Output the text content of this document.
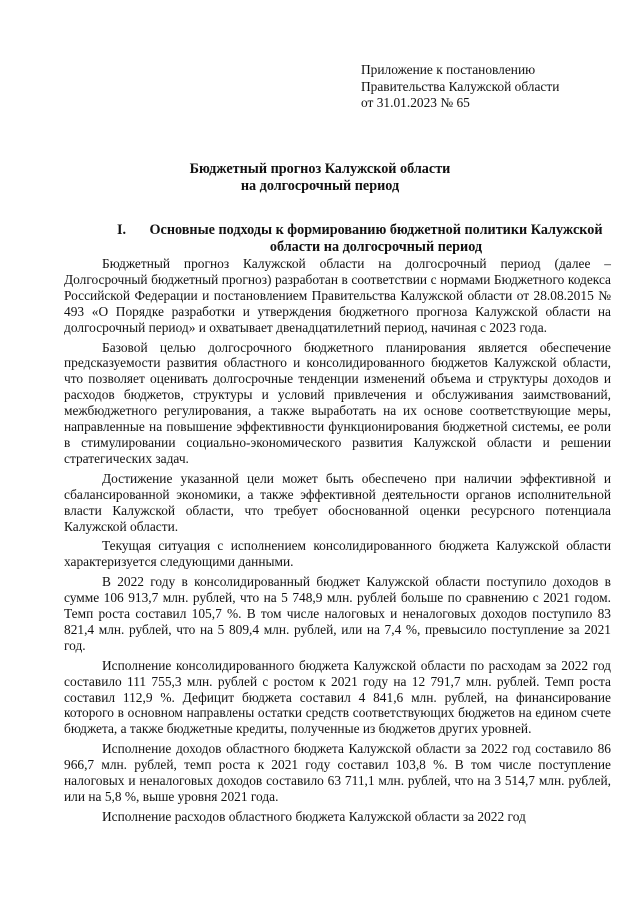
Приложение к постановлению
Правительства Калужской области
от 31.01.2023 № 65
Бюджетный прогноз Калужской области
на долгосрочный период
I. Основные подходы к формированию бюджетной политики Калужской
области на долгосрочный период

Бюджетный прогноз Калужской области на долгосрочный период (далее – Долгосрочный бюджетный прогноз) разработан в соответствии с нормами Бюджетного кодекса Российской Федерации и постановлением Правительства Калужской области от 28.08.2015 № 493 «О Порядке разработки и утверждения бюджетного прогноза Калужской области на долгосрочный период» и охватывает двенадцатилетний период, начиная с 2023 года.

Базовой целью долгосрочного бюджетного планирования является обеспечение предсказуемости развития областного и консолидированного бюджетов Калужской области, что позволяет оценивать долгосрочные тенденции изменений объема и структуры доходов и расходов бюджетов, структуры и условий привлечения и обслуживания заимствований, межбюджетного регулирования, а также выработать на их основе соответствующие меры, направленные на повышение эффективности функционирования бюджетной системы, ее роли в стимулировании социально-экономического развития Калужской области и решении стратегических задач.

Достижение указанной цели может быть обеспечено при наличии эффективной и сбалансированной экономики, а также эффективной деятельности органов исполнительной власти Калужской области, что требует обоснованной оценки ресурсного потенциала Калужской области.

Текущая ситуация с исполнением консолидированного бюджета Калужской области характеризуется следующими данными.

В 2022 году в консолидированный бюджет Калужской области поступило доходов в сумме 106 913,7 млн. рублей, что на 5 748,9 млн. рублей больше по сравнению с 2021 годом. Темп роста составил 105,7 %. В том числе налоговых и неналоговых доходов поступило 83 821,4 млн. рублей, что на 5 809,4 млн. рублей, или на 7,4 %, превысило поступление за 2021 год.

Исполнение консолидированного бюджета Калужской области по расходам за 2022 год составило 111 755,3 млн. рублей с ростом к 2021 году на 12 791,7 млн. рублей. Темп роста составил 112,9 %. Дефицит бюджета составил 4 841,6 млн. рублей, на финансирование которого в основном направлены остатки средств соответствующих бюджетов на едином счете бюджета, а также бюджетные кредиты, полученные из бюджетов других уровней.

Исполнение доходов областного бюджета Калужской области за 2022 год составило 86 966,7 млн. рублей, темп роста к 2021 году составил 103,8 %. В том числе поступление налоговых и неналоговых доходов составило 63 711,1 млн. рублей, что на 3 514,7 млн. рублей, или на 5,8 %, выше уровня 2021 года.

Исполнение расходов областного бюджета Калужской области за 2022 год
